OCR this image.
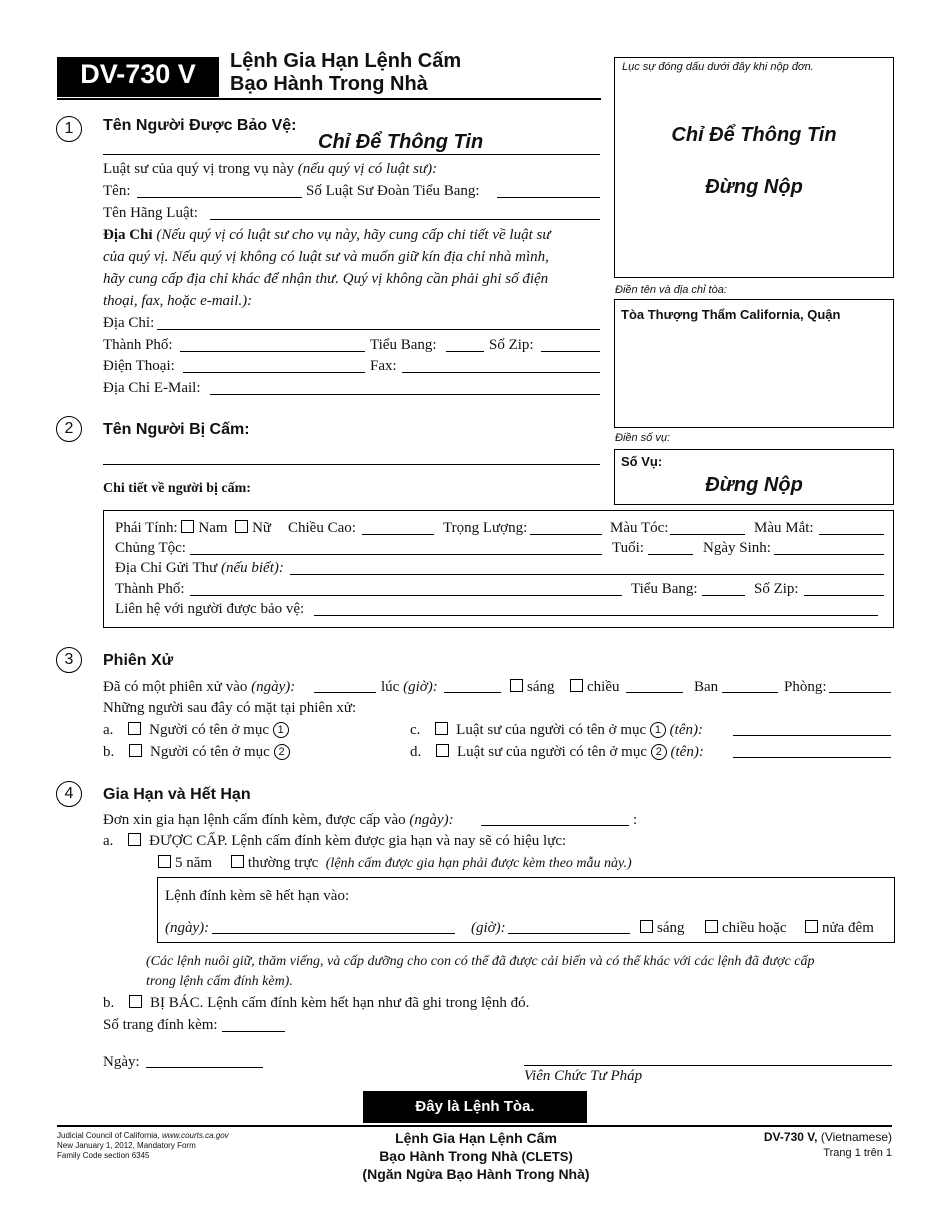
DV-730 V	Lệnh Gia Hạn Lệnh Cấm
Bạo Hành Trong Nhà
Lục sự đóng dấu dưới đây khi nộp đơn.
Chỉ Để Thông Tin
Đừng Nộp
Điền tên và địa chỉ tòa:
Tòa Thượng Thẩm California, Quận
Điền số vụ:
Số Vụ:
Đừng Nộp
1	Tên Người Được Bảo Vệ:
Chỉ Để Thông Tin
Luật sư của quý vị trong vụ này (nếu quý vị có luật sư):
Tên:	Số Luật Sư Đoàn Tiểu Bang:
Tên Hãng Luật:
Địa Chỉ (Nếu quý vị có luật sư cho vụ này, hãy cung cấp chi tiết về luật sư
của quý vị. Nếu quý vị không có luật sư và muốn giữ kín địa chỉ nhà mình,
hãy cung cấp địa chỉ khác để nhận thư. Quý vị không cần phải ghi số điện
thoại, fax, hoặc e-mail.):
Địa Chỉ:
Thành Phố:	Tiểu Bang:	Số Zip:
Điện Thoại:	Fax:
Địa Chỉ E-Mail:
2	Tên Người Bị Cấm:
Chi tiết về người bị cấm:
Phái Tính: Nam Nữ Chiều Cao:	Trọng Lượng:	Màu Tóc:	Màu Mắt:
Chủng Tộc:	Tuổi:	Ngày Sinh:
Địa Chỉ Gửi Thư (nếu biết):
Thành Phố:	Tiểu Bang:	Số Zip:
Liên hệ với người được bảo vệ:
3	Phiên Xử
Đã có một phiên xử vào (ngày):	lúc (giờ):	sáng	chiều	Ban	Phòng:
Những người sau đây có mặt tại phiên xử:
a. Người có tên ở mục 1
b. Người có tên ở mục 2
c. Luật sư của người có tên ở mục 1 (tên):
d. Luật sư của người có tên ở mục 2 (tên):
4	Gia Hạn và Hết Hạn
Đơn xin gia hạn lệnh cấm đính kèm, được cấp vào (ngày):	:
a. ĐƯỢC CẤP. Lệnh cấm đính kèm được gia hạn và nay sẽ có hiệu lực:
5 năm thường trực (lệnh cấm được gia hạn phải được kèm theo mẫu này.)
Lệnh đính kèm sẽ hết hạn vào:
(ngày):	(giờ):	sáng	chiều hoặc	nửa đêm
(Các lệnh nuôi giữ, thăm viếng, và cấp dưỡng cho con có thể đã được cải biến và có thể khác với các lệnh đã được cấp
trong lệnh cấm đính kèm).
b. BỊ BÁC. Lệnh cấm đính kèm hết hạn như đã ghi trong lệnh đó.
Số trang đính kèm:
Ngày:
Viên Chức Tư Pháp
Đây là Lệnh Tòa.
Judicial Council of California, www.courts.ca.gov
New January 1, 2012, Mandatory Form
Family Code section 6345
Lệnh Gia Hạn Lệnh Cấm
Bạo Hành Trong Nhà (CLETS)
(Ngăn Ngừa Bạo Hành Trong Nhà)
DV-730 V, (Vietnamese)
Trang 1 trên 1
